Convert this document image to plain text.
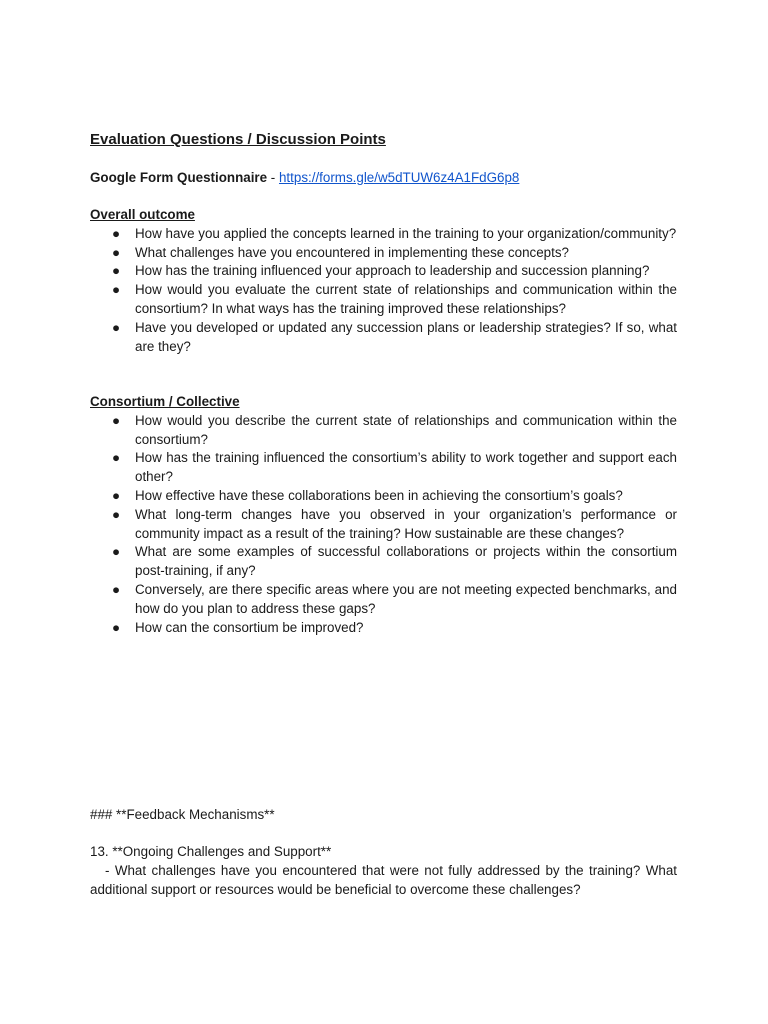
Evaluation Questions / Discussion Points
Google Form Questionnaire - https://forms.gle/w5dTUW6z4A1FdG6p8
Overall outcome
● How have you applied the concepts learned in the training to your organization/community?
● What challenges have you encountered in implementing these concepts?
● How has the training influenced your approach to leadership and succession planning?
● How would you evaluate the current state of relationships and communication within the consortium? In what ways has the training improved these relationships?
● Have you developed or updated any succession plans or leadership strategies? If so, what are they?
Consortium / Collective
● How would you describe the current state of relationships and communication within the consortium?
● How has the training influenced the consortium’s ability to work together and support each other?
● How effective have these collaborations been in achieving the consortium’s goals?
● What long-term changes have you observed in your organization’s performance or community impact as a result of the training? How sustainable are these changes?
● What are some examples of successful collaborations or projects within the consortium post-training, if any?
● Conversely, are there specific areas where you are not meeting expected benchmarks, and how do you plan to address these gaps?
● How can the consortium be improved?
### **Feedback Mechanisms**
13. **Ongoing Challenges and Support**
- What challenges have you encountered that were not fully addressed by the training? What additional support or resources would be beneficial to overcome these challenges?
